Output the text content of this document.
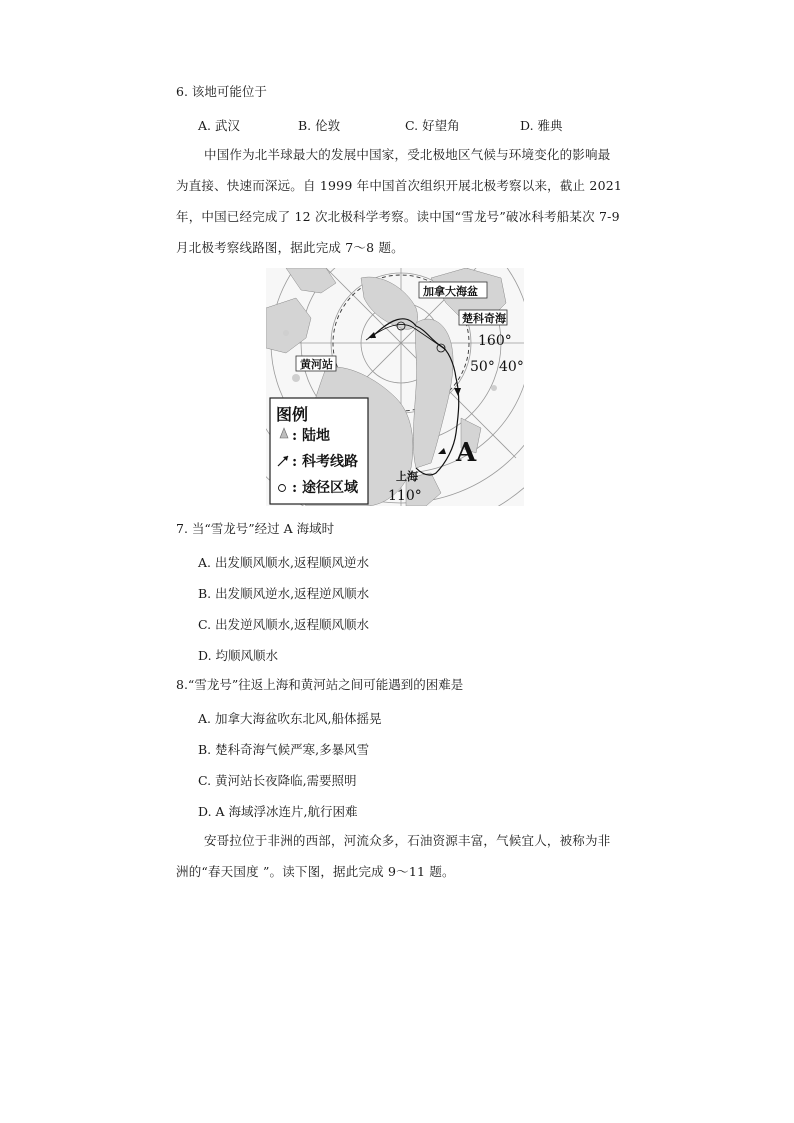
6. 该地可能位于
A. 武汉	B. 伦敦	C. 好望角	D. 雅典
中国作为北半球最大的发展中国家，受北极地区气候与环境变化的影响最
为直接、快速而深远。自 1999 年中国首次组织开展北极考察以来，截止 2021
年，中国已经完成了 12 次北极科学考察。读中国“雪龙号”破冰科考船某次 7-9
月北极考察线路图，据此完成 7～8 题。
加拿大海盆
楚科奇海
黄河站
160°
50° 40°
A
上海
110°
图例
: 陆地
: 科考线路
: 途径区域
7. 当“雪龙号”经过 A 海域时
A. 出发顺风顺水,返程顺风逆水
B. 出发顺风逆水,返程逆风顺水
C. 出发逆风顺水,返程顺风顺水
D. 均顺风顺水
8.“雪龙号”往返上海和黄河站之间可能遇到的困难是
A. 加拿大海盆吹东北风,船体摇晃
B. 楚科奇海气候严寒,多暴风雪
C. 黄河站长夜降临,需要照明
D. A 海域浮冰连片,航行困难
安哥拉位于非洲的西部，河流众多，石油资源丰富，气候宜人，被称为非
洲的“春天国度 ”。读下图，据此完成 9～11 题。
